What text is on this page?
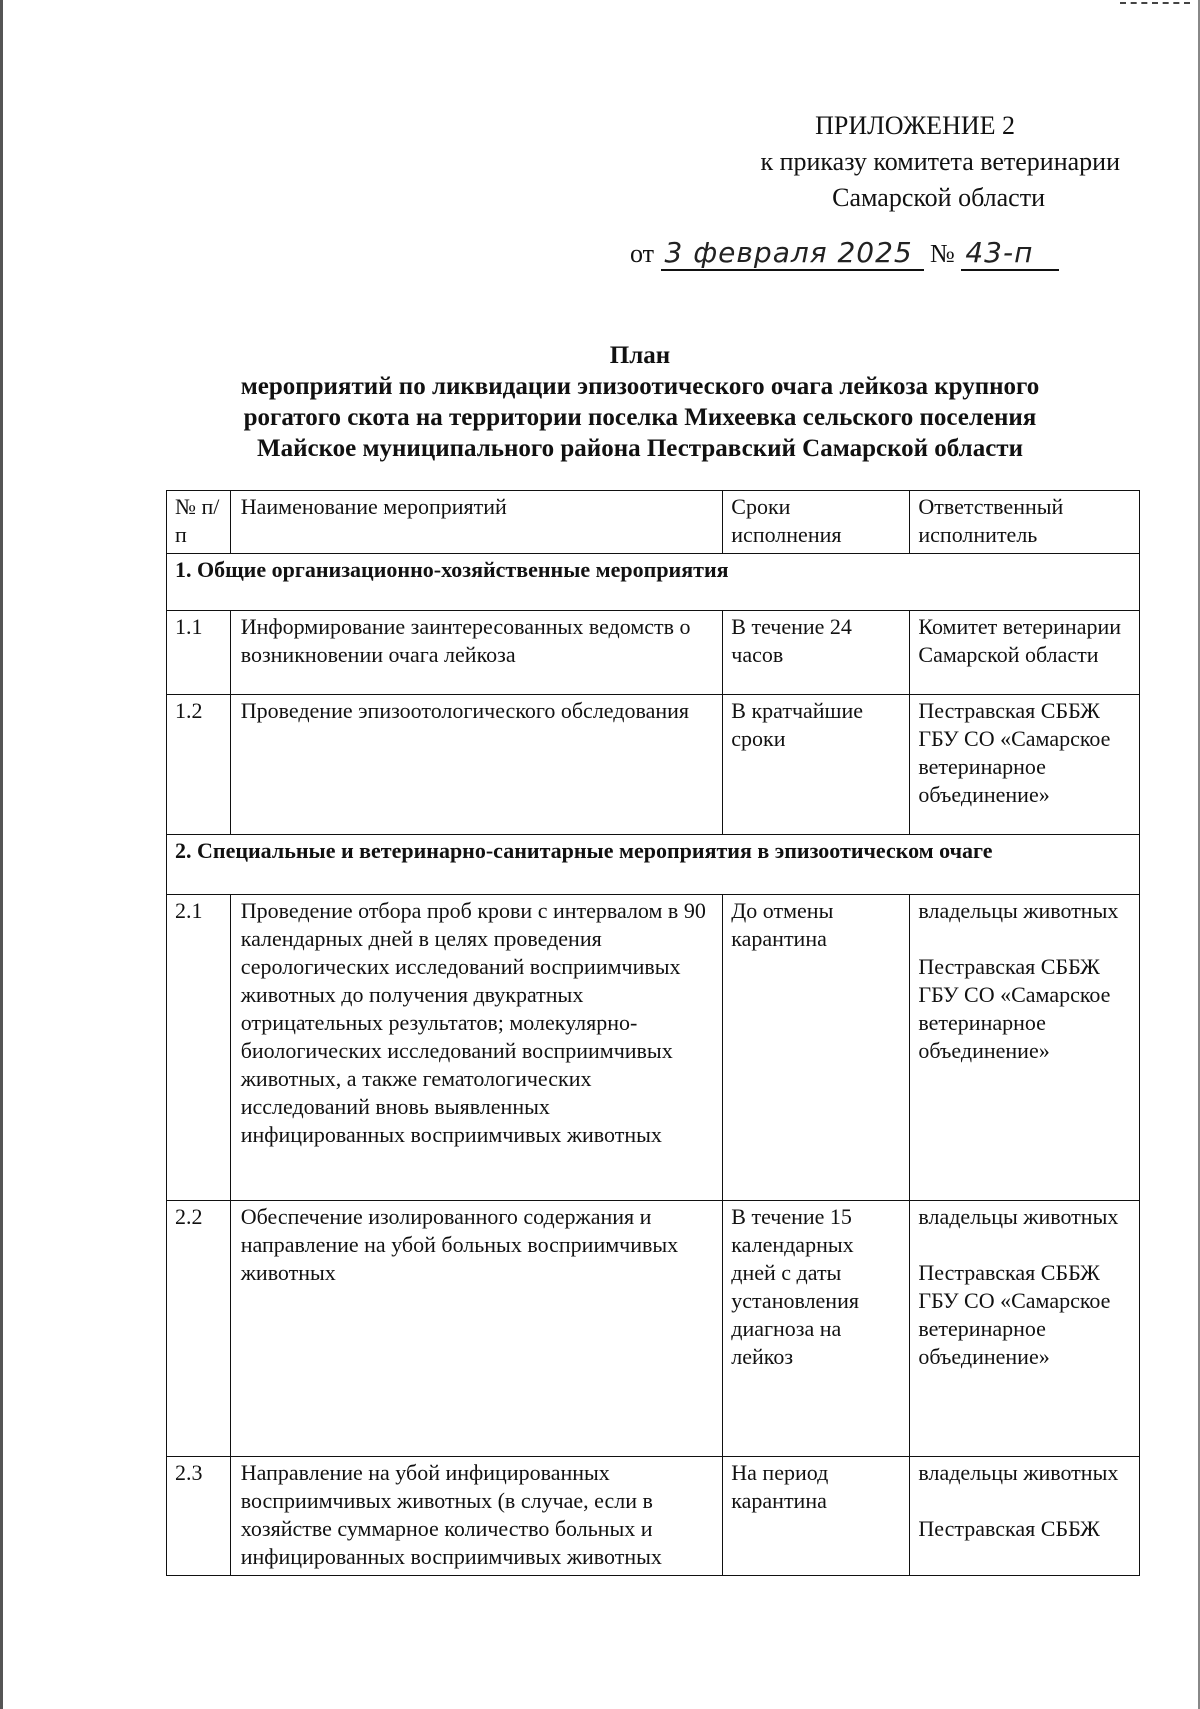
ПРИЛОЖЕНИЕ 2
к приказу комитета ветеринарии
Самарской области
от 3 февраля 2025 № 43-п
План
мероприятий по ликвидации эпизоотического очага лейкоза крупного
рогатого скота на территории поселка Михеевка сельского поселения
Майское муниципального района Пестравский Самарской области
№ п/п	Наименование мероприятий	Сроки исполнения	Ответственный исполнитель
1. Общие организационно-хозяйственные мероприятия			
1.1	Информирование заинтересованных ведомств о возникновении очага лейкоза	В течение 24 часов	Комитет ветеринарии Самарской области
1.2	Проведение эпизоотологического обследования	В кратчайшие сроки	Пестравская СББЖ ГБУ СО «Самарское ветеринарное объединение»
2. Специальные и ветеринарно-санитарные мероприятия в эпизоотическом очаге			
2.1	Проведение отбора проб крови с интервалом в 90 календарных дней в целях проведения серологических исследований восприимчивых животных до получения двукратных отрицательных результатов; молекулярно-биологических исследований восприимчивых животных, а также гематологических исследований вновь выявленных инфицированных восприимчивых животных	До отмены карантина	владельцы животных
Пестравская СББЖ ГБУ СО «Самарское ветеринарное объединение»
2.2	Обеспечение изолированного содержания и направление на убой больных восприимчивых животных	В течение 15 календарных дней с даты установления диагноза на лейкоз	владельцы животных
Пестравская СББЖ ГБУ СО «Самарское ветеринарное объединение»
2.3	Направление на убой инфицированных восприимчивых животных (в случае, если в хозяйстве суммарное количество больных и инфицированных восприимчивых животных	На период карантина	владельцы животных
Пестравская СББЖ
